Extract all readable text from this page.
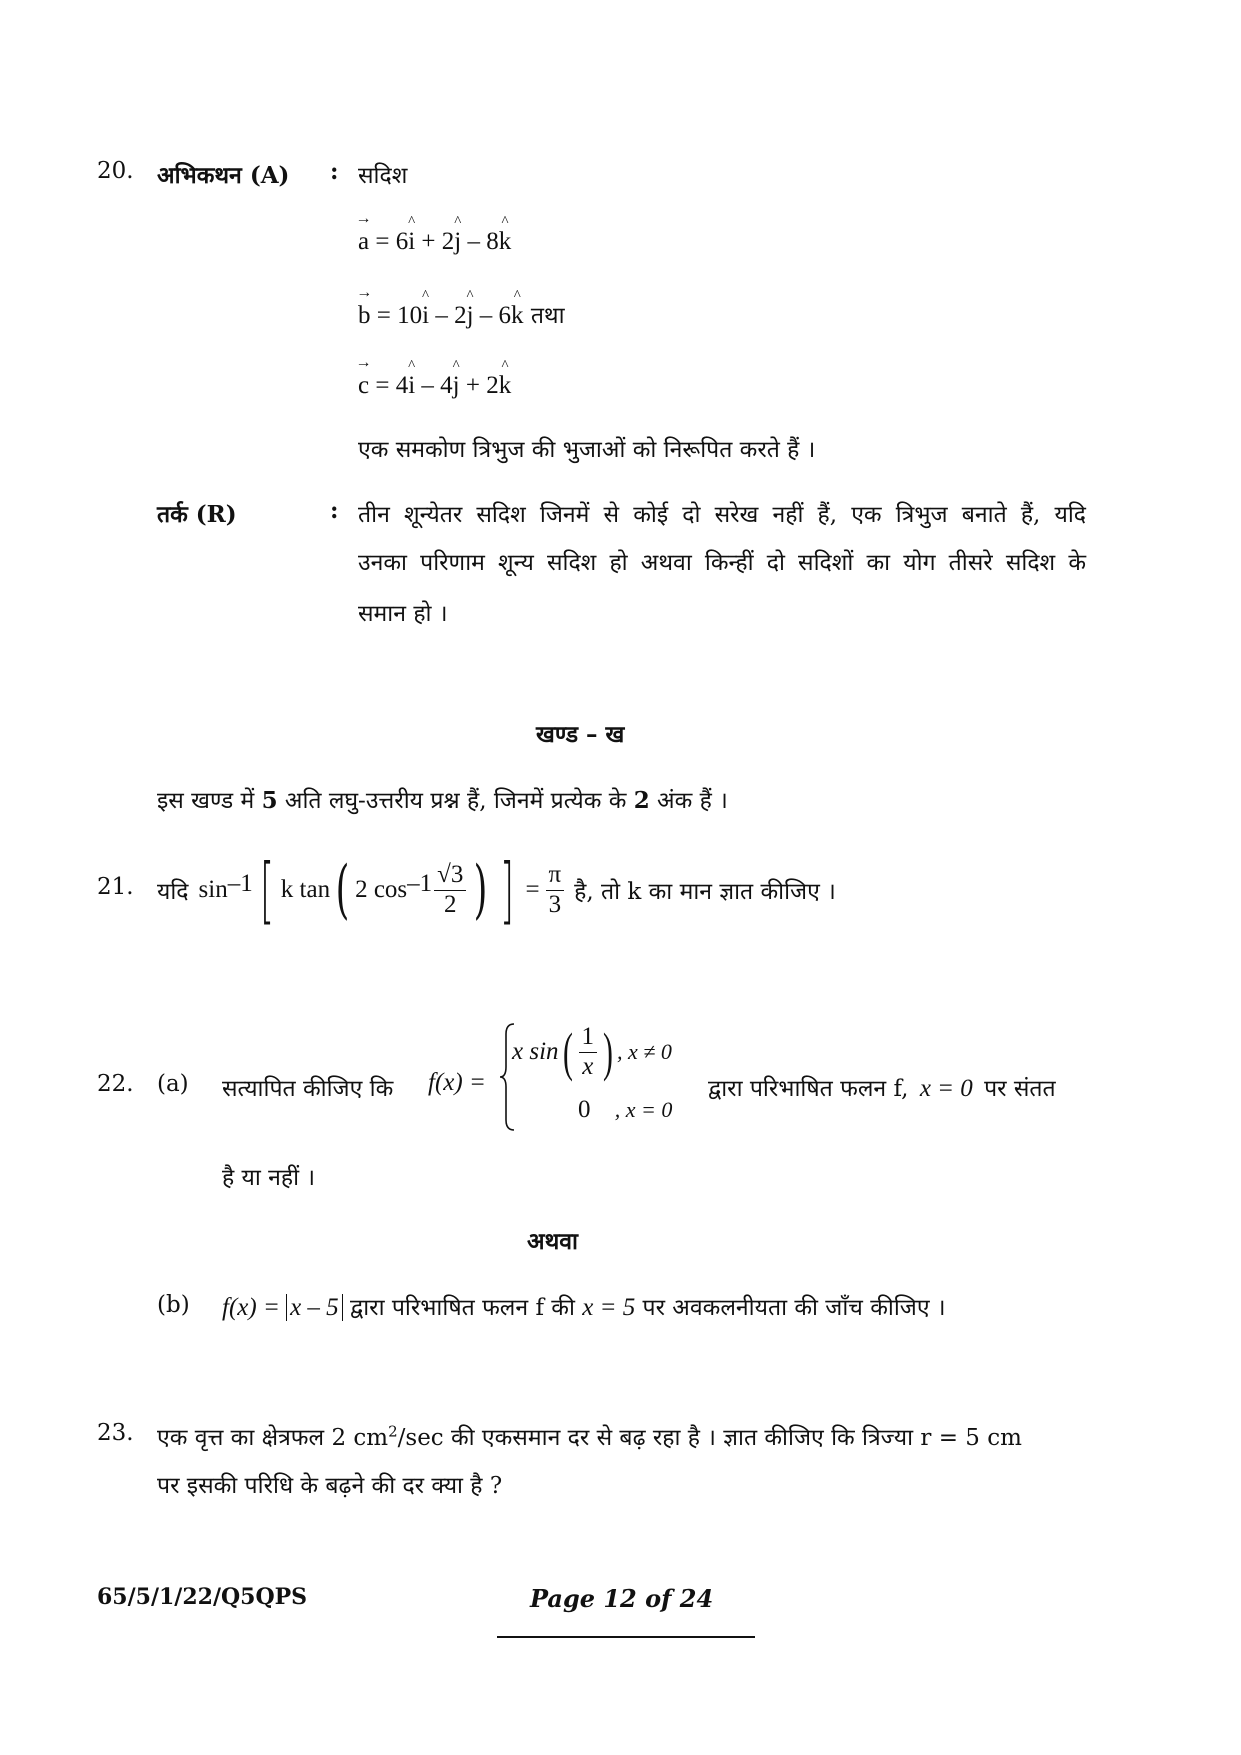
20. अभिकथन (A) : सदिश
→ a = 6^ i + 2^ j – 8^ k
→ b = 10^ i – 2^ j – 6^ k तथा
→ c = 4^ i – 4^ j + 2^ k
एक समकोण त्रिभुज की भुजाओं को निरूपित करते हैं ।
तर्क (R)	: तीन शून्येतर सदिश जिनमें से कोई दो सरेख नहीं हैं, एक त्रिभुज बनाते हैं, यदि
उनका परिणाम शून्य सदिश हो अथवा किन्हीं दो सदिशों का योग तीसरे सदिश के
समान हो ।
खण्ड – ख
इस खण्ड में 5 अति लघु-उत्तरीय प्रश्न हैं, जिनमें प्रत्येक के 2 अंक हैं ।
21. यदि sin –1 [ k tan ( 2 $\cos -1 \frac{√3}{2}$ ) ] = $\frac{\pi}{3}$ है, तो k का मान ज्ञात कीजिए ।
22. (a) सत्यापित कीजिए कि f(x) =
x sin ( $\frac{1}{x}$ ) , x ≠ 0
0 , x = 0
द्वारा परिभाषित फलन f, x = 0 पर संतत
है या नहीं ।
अथवा
(b) f(x) = x – 5 द्वारा परिभाषित फलन f की x = 5 पर अवकलनीयता की जाँच कीजिए ।
23. एक वृत्त का क्षेत्रफल 2 $cm^2/\sec$ की एकसमान दर से बढ़ रहा है । ज्ञात कीजिए कि त्रिज्या r = 5 cm
पर इसकी परिधि के बढ़ने की दर क्या है ?
65/5/1/22/Q5QPS	Page 12 of 24
